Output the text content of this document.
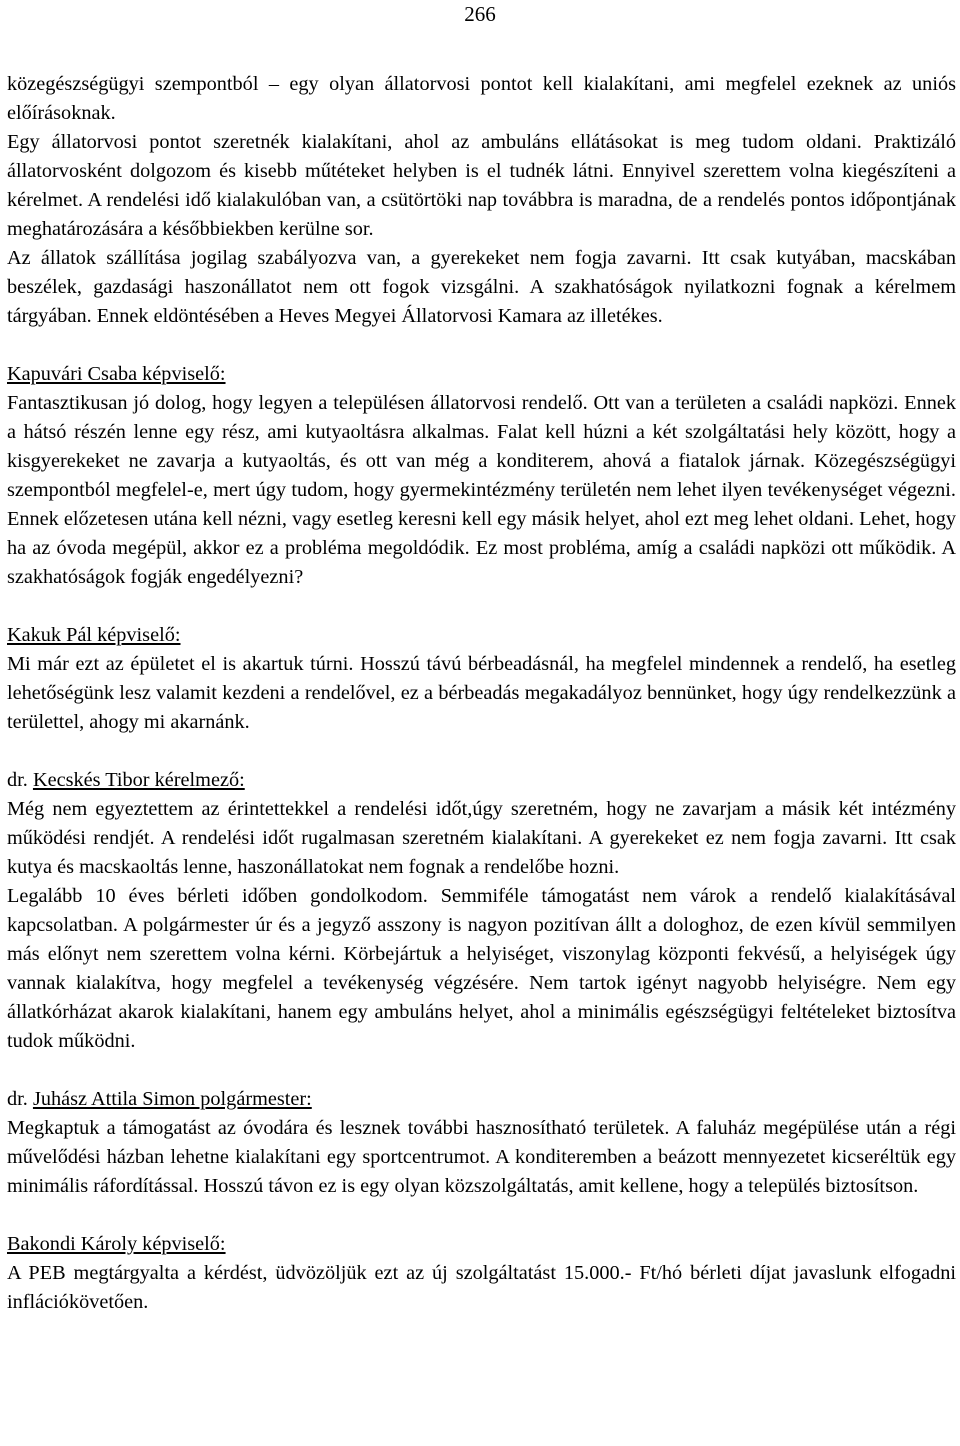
266

közegészségügyi szempontból – egy olyan állatorvosi pontot kell kialakítani, ami megfelel ezeknek az uniós előírásoknak.

Egy állatorvosi pontot szeretnék kialakítani, ahol az ambuláns ellátásokat is meg tudom oldani. Praktizáló állatorvosként dolgozom és kisebb műtéteket helyben is el tudnék látni. Ennyivel szerettem volna kiegészíteni a kérelmet. A rendelési idő kialakulóban van, a csütörtöki nap továbbra is maradna, de a rendelés pontos időpontjának meghatározására a későbbiekben kerülne sor.

Az állatok szállítása jogilag szabályozva van, a gyerekeket nem fogja zavarni. Itt csak kutyában, macskában beszélek, gazdasági haszonállatot nem ott fogok vizsgálni. A szakhatóságok nyilatkozni fognak a kérelmem tárgyában. Ennek eldöntésében a Heves Megyei Állatorvosi Kamara az illetékes.

Kapuvári Csaba képviselő:

Fantasztikusan jó dolog, hogy legyen a településen állatorvosi rendelő. Ott van a területen a családi napközi. Ennek a hátsó részén lenne egy rész, ami kutyaoltásra alkalmas. Falat kell húzni a két szolgáltatási hely között, hogy a kisgyerekeket ne zavarja a kutyaoltás, és ott van még a konditerem, ahová a fiatalok járnak. Közegészségügyi szempontból megfelel-e, mert úgy tudom, hogy gyermekintézmény területén nem lehet ilyen tevékenységet végezni. Ennek előzetesen utána kell nézni, vagy esetleg keresni kell egy másik helyet, ahol ezt meg lehet oldani. Lehet, hogy ha az óvoda megépül, akkor ez a probléma megoldódik. Ez most probléma, amíg a családi napközi ott működik. A szakhatóságok fogják engedélyezni?

Kakuk Pál képviselő:

Mi már ezt az épületet el is akartuk túrni. Hosszú távú bérbeadásnál, ha megfelel mindennek a rendelő, ha esetleg lehetőségünk lesz valamit kezdeni a rendelővel, ez a bérbeadás megakadályoz bennünket, hogy úgy rendelkezzünk a területtel, ahogy mi akarnánk.

dr. Kecskés Tibor kérelmező:

Még nem egyeztettem az érintettekkel a rendelési időt,úgy szeretném, hogy ne zavarjam a másik két intézmény működési rendjét. A rendelési időt rugalmasan szeretném kialakítani. A gyerekeket ez nem fogja zavarni. Itt csak kutya és macskaoltás lenne, haszonállatokat nem fognak a rendelőbe hozni.

Legalább 10 éves bérleti időben gondolkodom. Semmiféle támogatást nem várok a rendelő kialakításával kapcsolatban. A polgármester úr és a jegyző asszony is nagyon pozitívan állt a dologhoz, de ezen kívül semmilyen más előnyt nem szerettem volna kérni. Körbejártuk a helyiséget, viszonylag központi fekvésű, a helyiségek úgy vannak kialakítva, hogy megfelel a tevékenység végzésére. Nem tartok igényt nagyobb helyiségre. Nem egy állatkórházat akarok kialakítani, hanem egy ambuláns helyet, ahol a minimális egészségügyi feltételeket biztosítva tudok működni.

dr. Juhász Attila Simon polgármester:

Megkaptuk a támogatást az óvodára és lesznek további hasznosítható területek. A faluház megépülése után a régi művelődési házban lehetne kialakítani egy sportcentrumot. A konditeremben a beázott mennyezetet kicseréltük egy minimális ráfordítással. Hosszú távon ez is egy olyan közszolgáltatás, amit kellene, hogy a település biztosítson.

Bakondi Károly képviselő:

A PEB megtárgyalta a kérdést, üdvözöljük ezt az új szolgáltatást 15.000.- Ft/hó bérleti díjat javaslunk elfogadni inflációkövetően.
